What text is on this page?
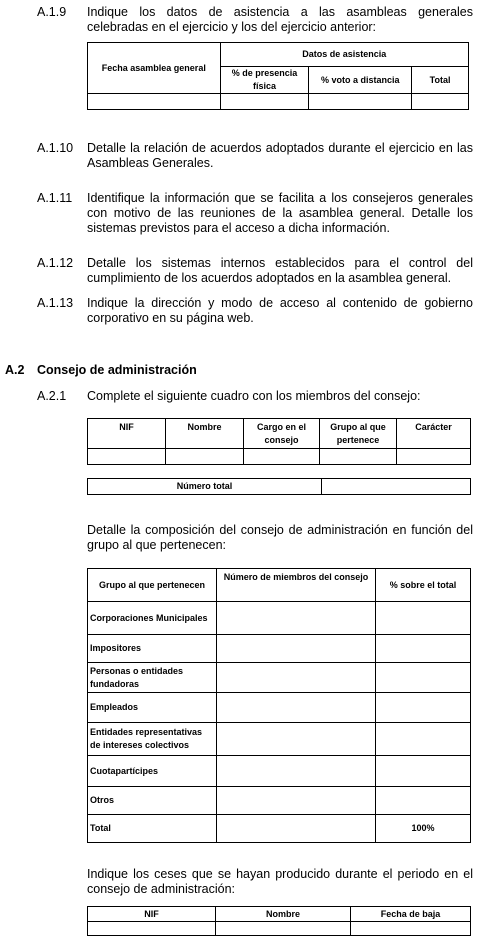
A.1.9 Indique los datos de asistencia a las asambleas generales celebradas en el ejercicio y los del ejercicio anterior:
Fecha asamblea general	Datos de asistencia		
	% de presencia física	% voto a distancia	Total

A.1.10 Detalle la relación de acuerdos adoptados durante el ejercicio en las Asambleas Generales.
A.1.11 Identifique la información que se facilita a los consejeros generales con motivo de las reuniones de la asamblea general. Detalle los sistemas previstos para el acceso a dicha información.
A.1.12 Detalle los sistemas internos establecidos para el control del cumplimiento de los acuerdos adoptados en la asamblea general.
A.1.13 Indique la dirección y modo de acceso al contenido de gobierno corporativo en su página web.
A.2 Consejo de administración
A.2.1 Complete el siguiente cuadro con los miembros del consejo:
NIF	Nombre	Cargo en el consejo	Grupo al que pertenece	Carácter

Número total	
Detalle la composición del consejo de administración en función del grupo al que pertenecen:
Grupo al que pertenecen	Número de miembros del consejo	% sobre el total
Corporaciones Municipales		
Impositores		
Personas o entidades fundadoras		
Empleados		
Entidades representativas de intereses colectivos		
Cuotapartícipes		
Otros		
Total		100%
Indique los ceses que se hayan producido durante el periodo en el consejo de administración:
NIF	Nombre	Fecha de baja
